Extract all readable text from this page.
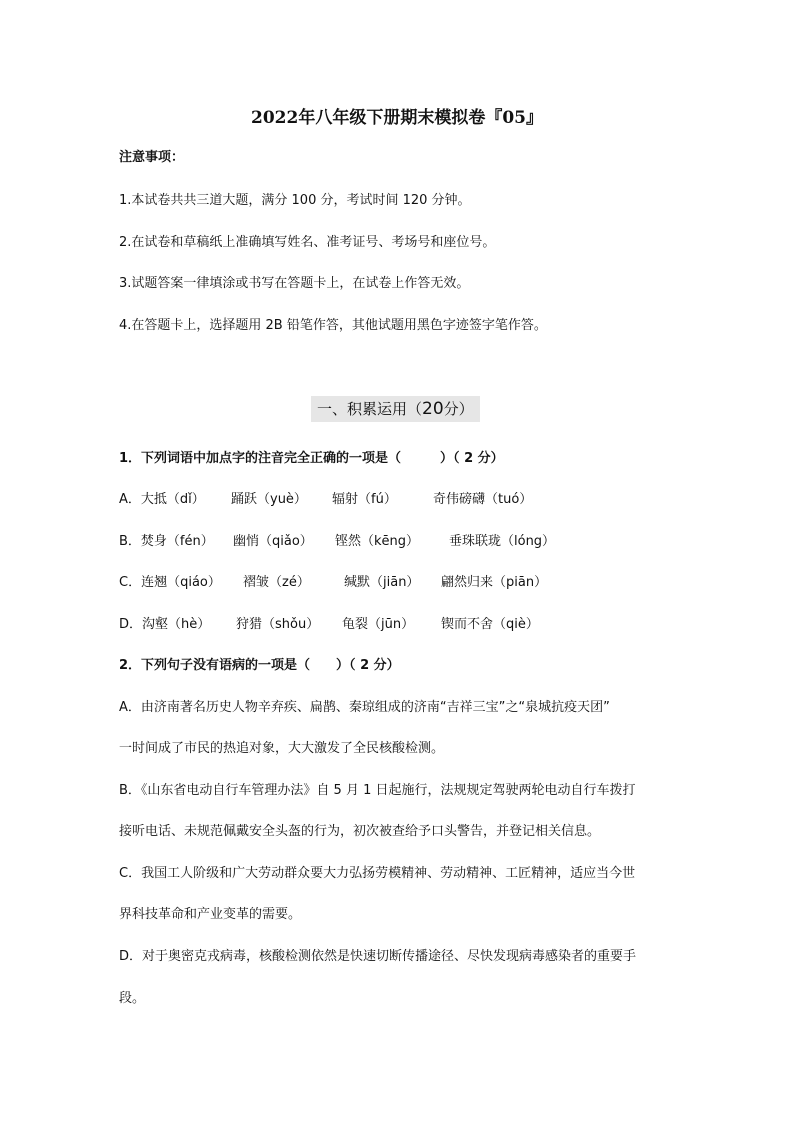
2022年八年级下册期末模拟卷『05』
注意事项：
1.本试卷共共三道大题，满分 100 分，考试时间 120 分钟。
2.在试卷和草稿纸上准确填写姓名、准考证号、考场号和座位号。
3.试题答案一律填涂或书写在答题卡上，在试卷上作答无效。
4.在答题卡上，选择题用 2B 铅笔作答，其他试题用黑色字迹签字笔作答。
一、积累运用（20分）
1．下列词语中加点字的注音完全正确的一项是（　　　）（ 2 分）
A．大抵（dǐ） 踊跃（yuè） 辐射（fú）	奇伟磅礴（tuó）
B．焚身（fén） 幽悄（qiǎo） 铿然（kēng） 垂珠联珑（lóng）
C．连翘（qiáo） 褶皱（zé）	缄默（jiān） 翩然归来（piān）
D．沟壑（hè） 狩猎（shǒu） 龟裂（jūn） 锲而不舍（qiè）
2．下列句子没有语病的一项是（　　）（ 2 分）
A．由济南著名历史人物辛弃疾、扁鹊、秦琼组成的济南“吉祥三宝”之“泉城抗疫天团”
一时间成了市民的热追对象，大大激发了全民核酸检测。
B．《山东省电动自行车管理办法》自 5 月 1 日起施行，法规规定驾驶两轮电动自行车拨打
接听电话、未规范佩戴安全头盔的行为，初次被查给予口头警告，并登记相关信息。
C．我国工人阶级和广大劳动群众要大力弘扬劳模精神、劳动精神、工匠精神，适应当今世
界科技革命和产业变革的需要。
D．对于奥密克戎病毒，核酸检测依然是快速切断传播途径、尽快发现病毒感染者的重要手
段。
